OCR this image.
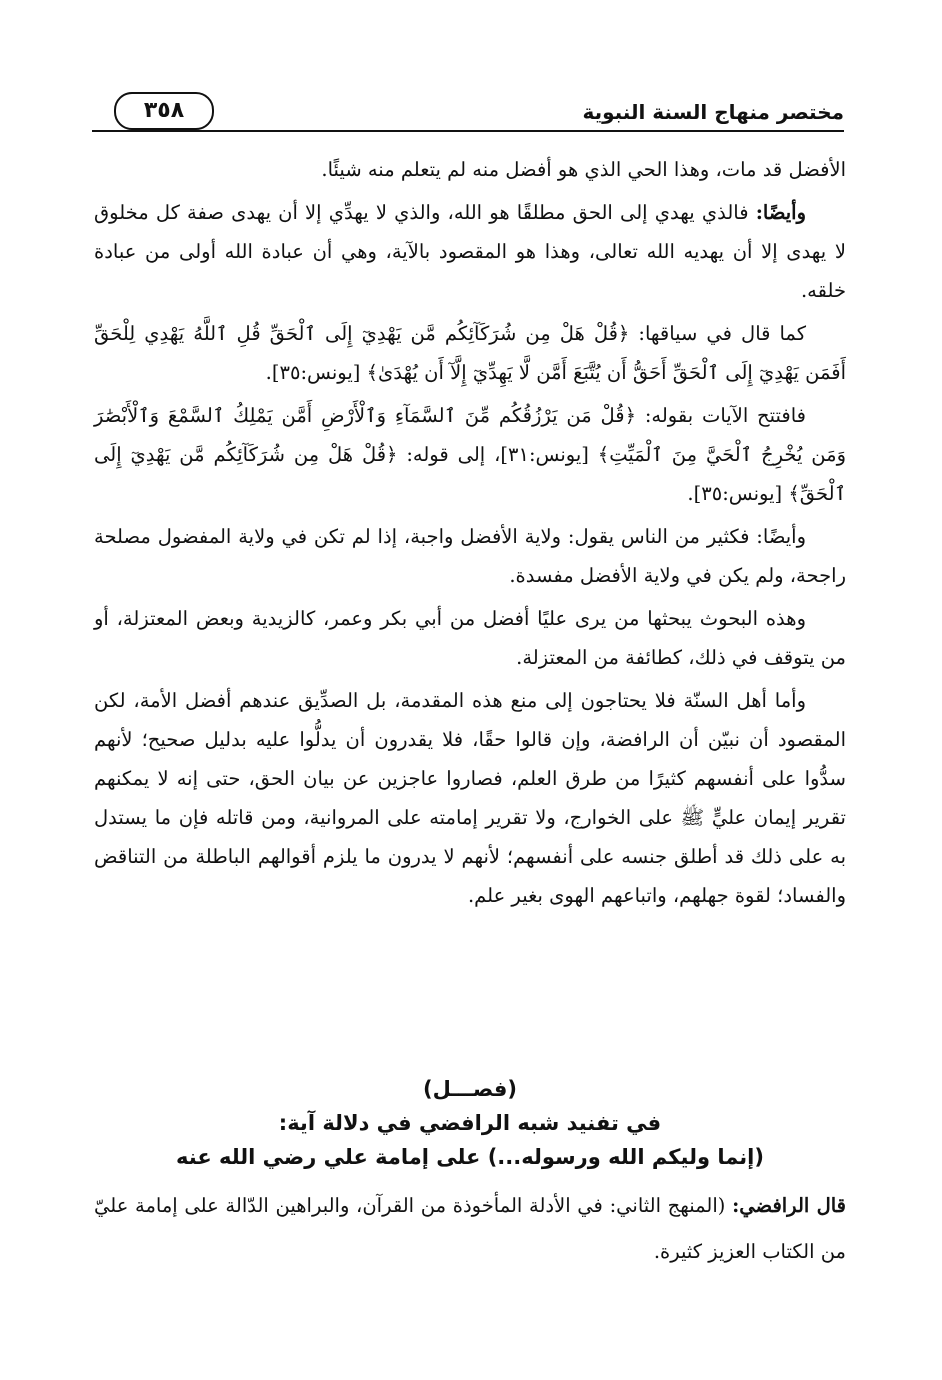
٣٥٨	مختصر منهاج السنة النبوية

الأفضل قد مات، وهذا الحي الذي هو أفضل منه لم يتعلم منه شيئًا.

وأيضًا: فالذي يهدي إلى الحق مطلقًا هو الله، والذي لا يهدِّي إلا أن يهدى صفة كل مخلوق لا يهدى إلا أن يهديه الله تعالى، وهذا هو المقصود بالآية، وهي أن عبادة الله أولى من عبادة خلقه.

كما قال في سياقها: ﴿قُلْ هَلْ مِن شُرَكَآئِكُم مَّن يَهْدِيٓ إِلَى ٱلْحَقِّ قُلِ ٱللَّهُ يَهْدِي لِلْحَقِّ أَفَمَن يَهْدِيٓ إِلَى ٱلْحَقِّ أَحَقُّ أَن يُتَّبَعَ أَمَّن لَّا يَهِدِّيٓ إِلَّآ أَن يُهْدَىٰ﴾ [يونس:٣٥].

فافتتح الآيات بقوله: ﴿قُلْ مَن يَرْزُقُكُم مِّنَ ٱلسَّمَآءِ وَٱلْأَرْضِ أَمَّن يَمْلِكُ ٱلسَّمْعَ وَٱلْأَبْصَٰرَ وَمَن يُخْرِجُ ٱلْحَيَّ مِنَ ٱلْمَيِّتِ﴾ [يونس:٣١]، إلى قوله: ﴿قُلْ هَلْ مِن شُرَكَآئِكُم مَّن يَهْدِيٓ إِلَى ٱلْحَقِّ﴾ [يونس:٣٥].

وأيضًا: فكثير من الناس يقول: ولاية الأفضل واجبة، إذا لم تكن في ولاية المفضول مصلحة راجحة، ولم يكن في ولاية الأفضل مفسدة.

وهذه البحوث يبحثها من يرى عليًا أفضل من أبي بكر وعمر، كالزيدية وبعض المعتزلة، أو من يتوقف في ذلك، كطائفة من المعتزلة.

وأما أهل السنّة فلا يحتاجون إلى منع هذه المقدمة، بل الصدِّيق عندهم أفضل الأمة، لكن المقصود أن نبيّن أن الرافضة، وإن قالوا حقًا، فلا يقدرون أن يدلُّوا عليه بدليل صحيح؛ لأنهم سدُّوا على أنفسهم كثيرًا من طرق العلم، فصاروا عاجزين عن بيان الحق، حتى إنه لا يمكنهم تقرير إيمان عليٍّ ﷺ على الخوارج، ولا تقرير إمامته على المروانية، ومن قاتله فإن ما يستدل به على ذلك قد أطلق جنسه على أنفسهم؛ لأنهم لا يدرون ما يلزم أقوالهم الباطلة من التناقض والفساد؛ لقوة جهلهم، واتباعهم الهوى بغير علم.

(فصـــل)
في تفنيد شبه الرافضي في دلالة آية:
(إنما وليكم الله ورسوله...) على إمامة علي رضي الله عنه

قال الرافضي: (المنهج الثاني: في الأدلة المأخوذة من القرآن، والبراهين الدّالة على إمامة عليّ من الكتاب العزيز كثيرة.
